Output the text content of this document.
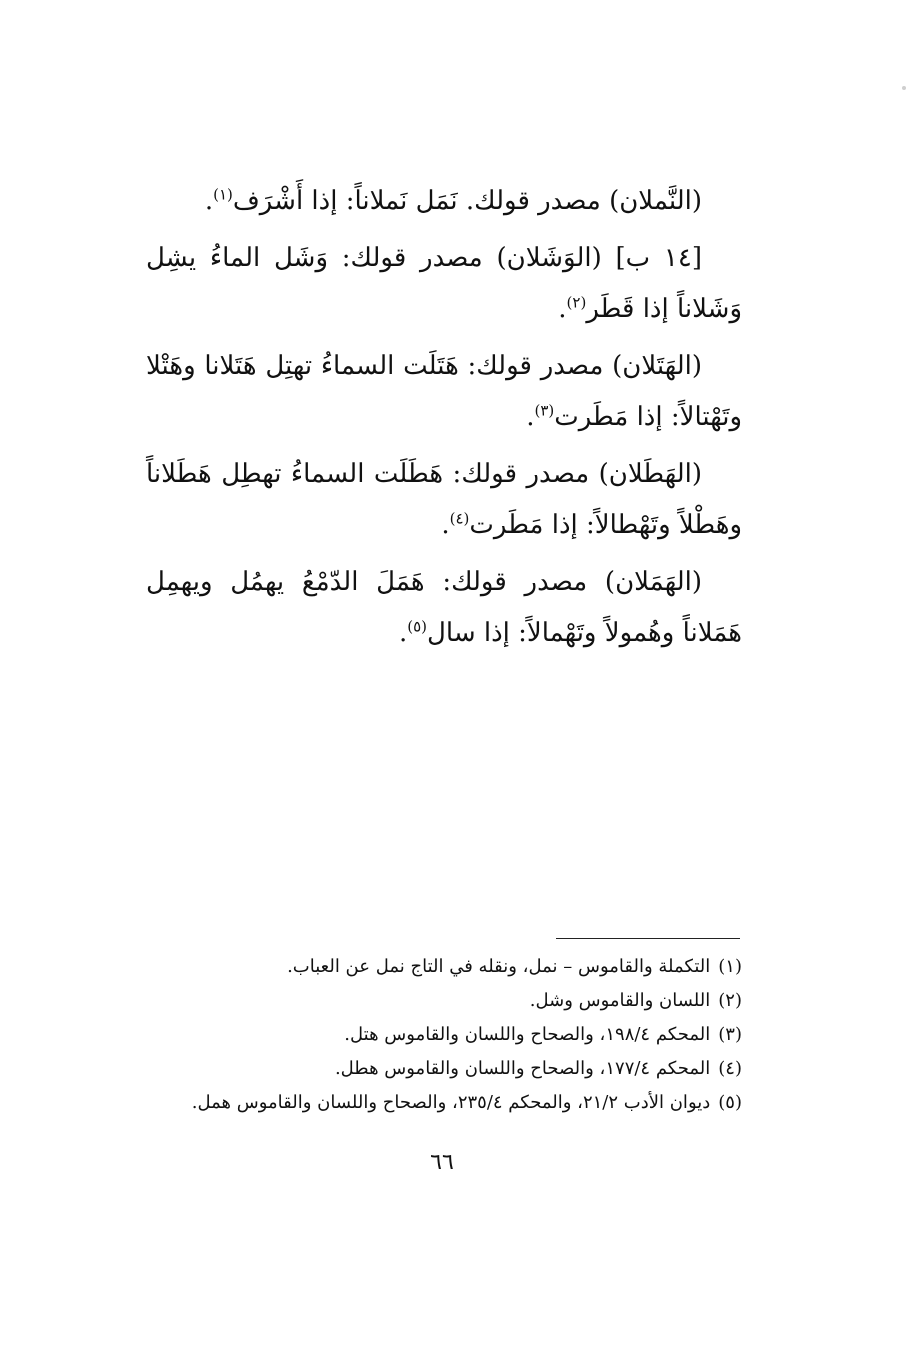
(النَّملان) مصدر قولك. نَمَل نَملاناً: إذا أَشْرَف$^{(١)}$.

[١٤ ب] (الوَشَلان) مصدر قولك: وَشَل الماءُ يشِل وَشَلاناً إذا قَطَر$^{(٢)}$.

(الهَتَلان) مصدر قولك: هَتَلَت السماءُ تهتِل هَتَلانا وهَتْلا وتَهْتالاً: إذا مَطَرت$^{(٣)}$.

(الهَطَلان) مصدر قولك: هَطَلَت السماءُ تهطِل هَطَلاناً وهَطْلاً وتَهْطالاً: إذا مَطَرت$^{(٤)}$.

(الهَمَلان) مصدر قولك: هَمَلَ الدّمْعُ يهمُل ويهمِل هَمَلاناً وهُمولاً وتَهْمالاً: إذا سال$^{(٥)}$.

(١)التكملة والقاموس – نمل، ونقله في التاج نمل عن العباب.

(٢)اللسان والقاموس وشل.

(٣)المحكم ١٩٨/٤، والصحاح واللسان والقاموس هتل.

(٤)المحكم ١٧٧/٤، والصحاح واللسان والقاموس هطل.

(٥)ديوان الأدب ٢١/٢، والمحكم ٢٣٥/٤، والصحاح واللسان والقاموس همل.

٦٦
